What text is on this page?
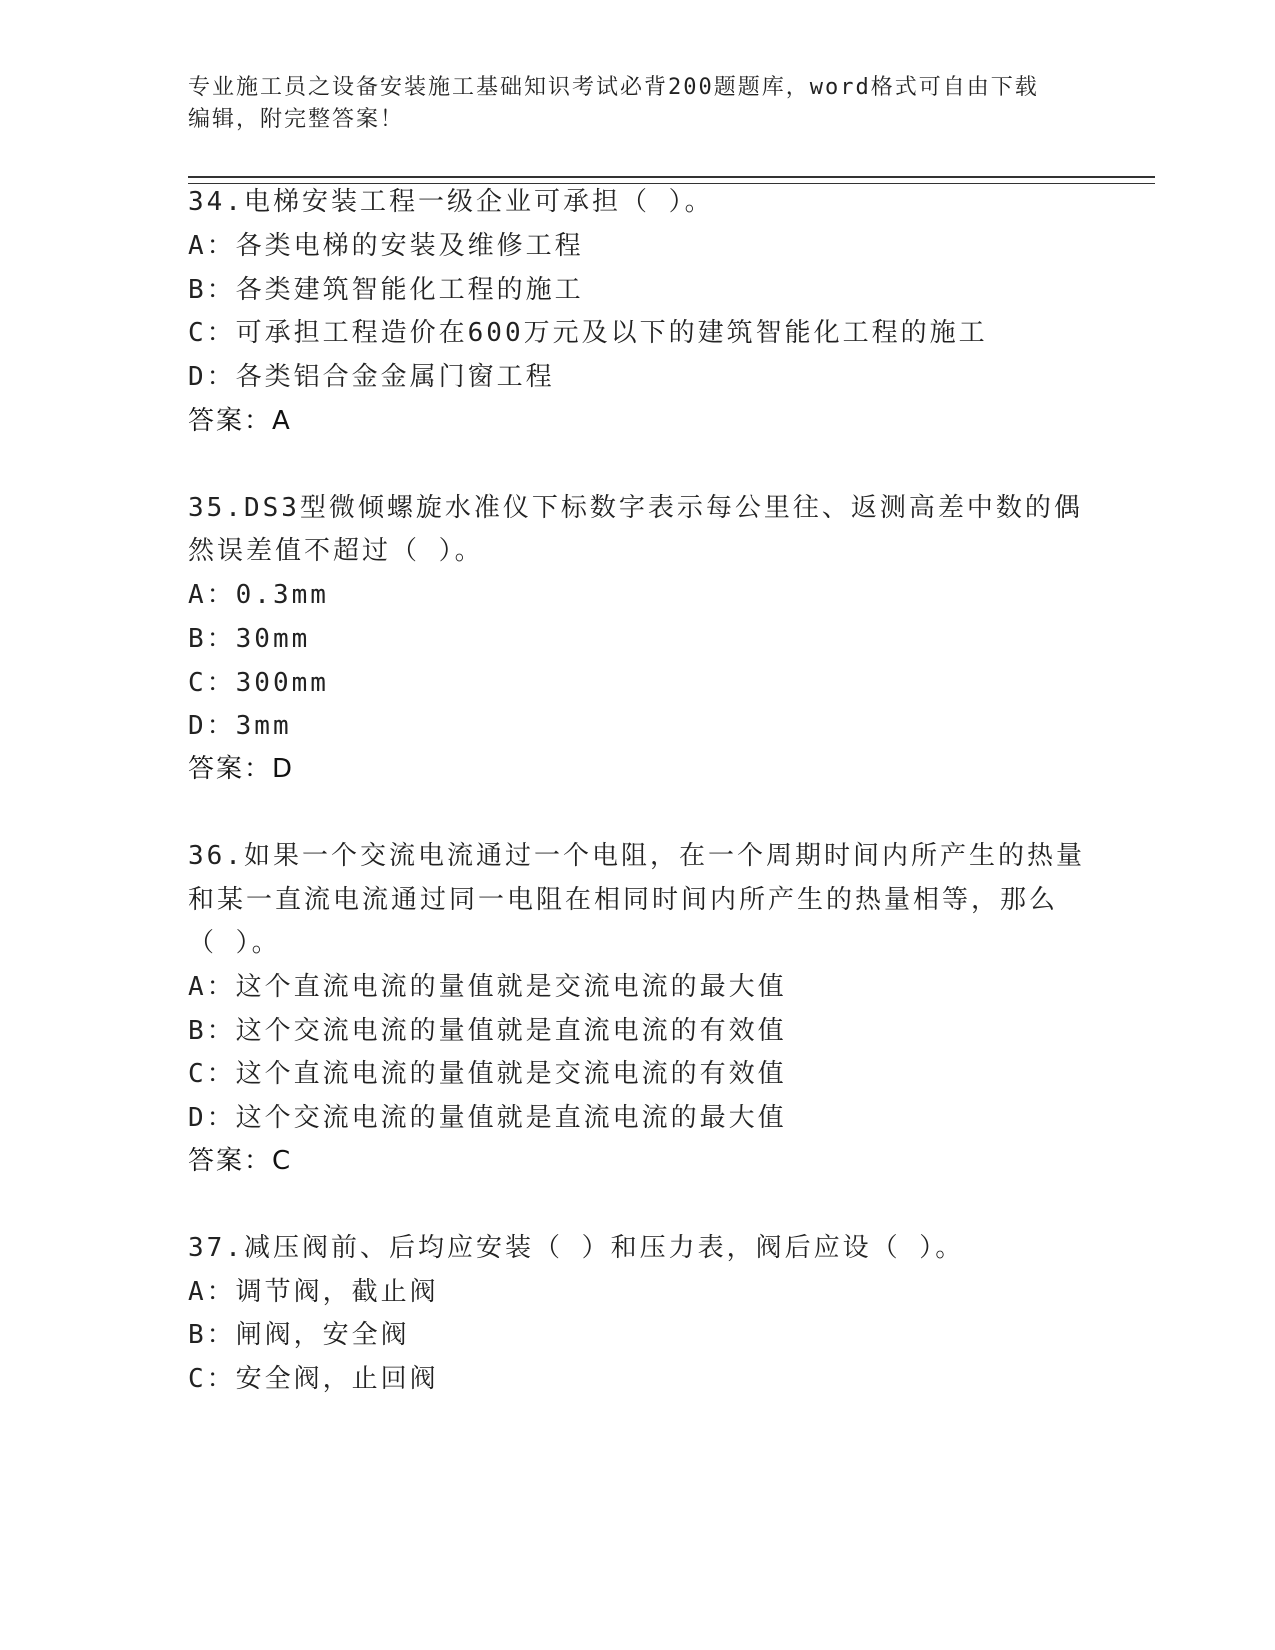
专业施工员之设备安装施工基础知识考试必背200题题库，word格式可自由下载
编辑，附完整答案！
34.电梯安装工程一级企业可承担（ ）。
A：各类电梯的安装及维修工程
B：各类建筑智能化工程的施工
C：可承担工程造价在600万元及以下的建筑智能化工程的施工
D：各类铝合金金属门窗工程
答案：A
35.DS3型微倾螺旋水准仪下标数字表示每公里往、返测高差中数的偶
然误差值不超过（ ）。
A：0.3mm
B：30mm
C：300mm
D：3mm
答案：D
36.如果一个交流电流通过一个电阻，在一个周期时间内所产生的热量
和某一直流电流通过同一电阻在相同时间内所产生的热量相等，那么
（ ）。
A：这个直流电流的量值就是交流电流的最大值
B：这个交流电流的量值就是直流电流的有效值
C：这个直流电流的量值就是交流电流的有效值
D：这个交流电流的量值就是直流电流的最大值
答案：C
37.减压阀前、后均应安装（ ）和压力表，阀后应设（ ）。
A：调节阀，截止阀
B：闸阀，安全阀
C：安全阀，止回阀
